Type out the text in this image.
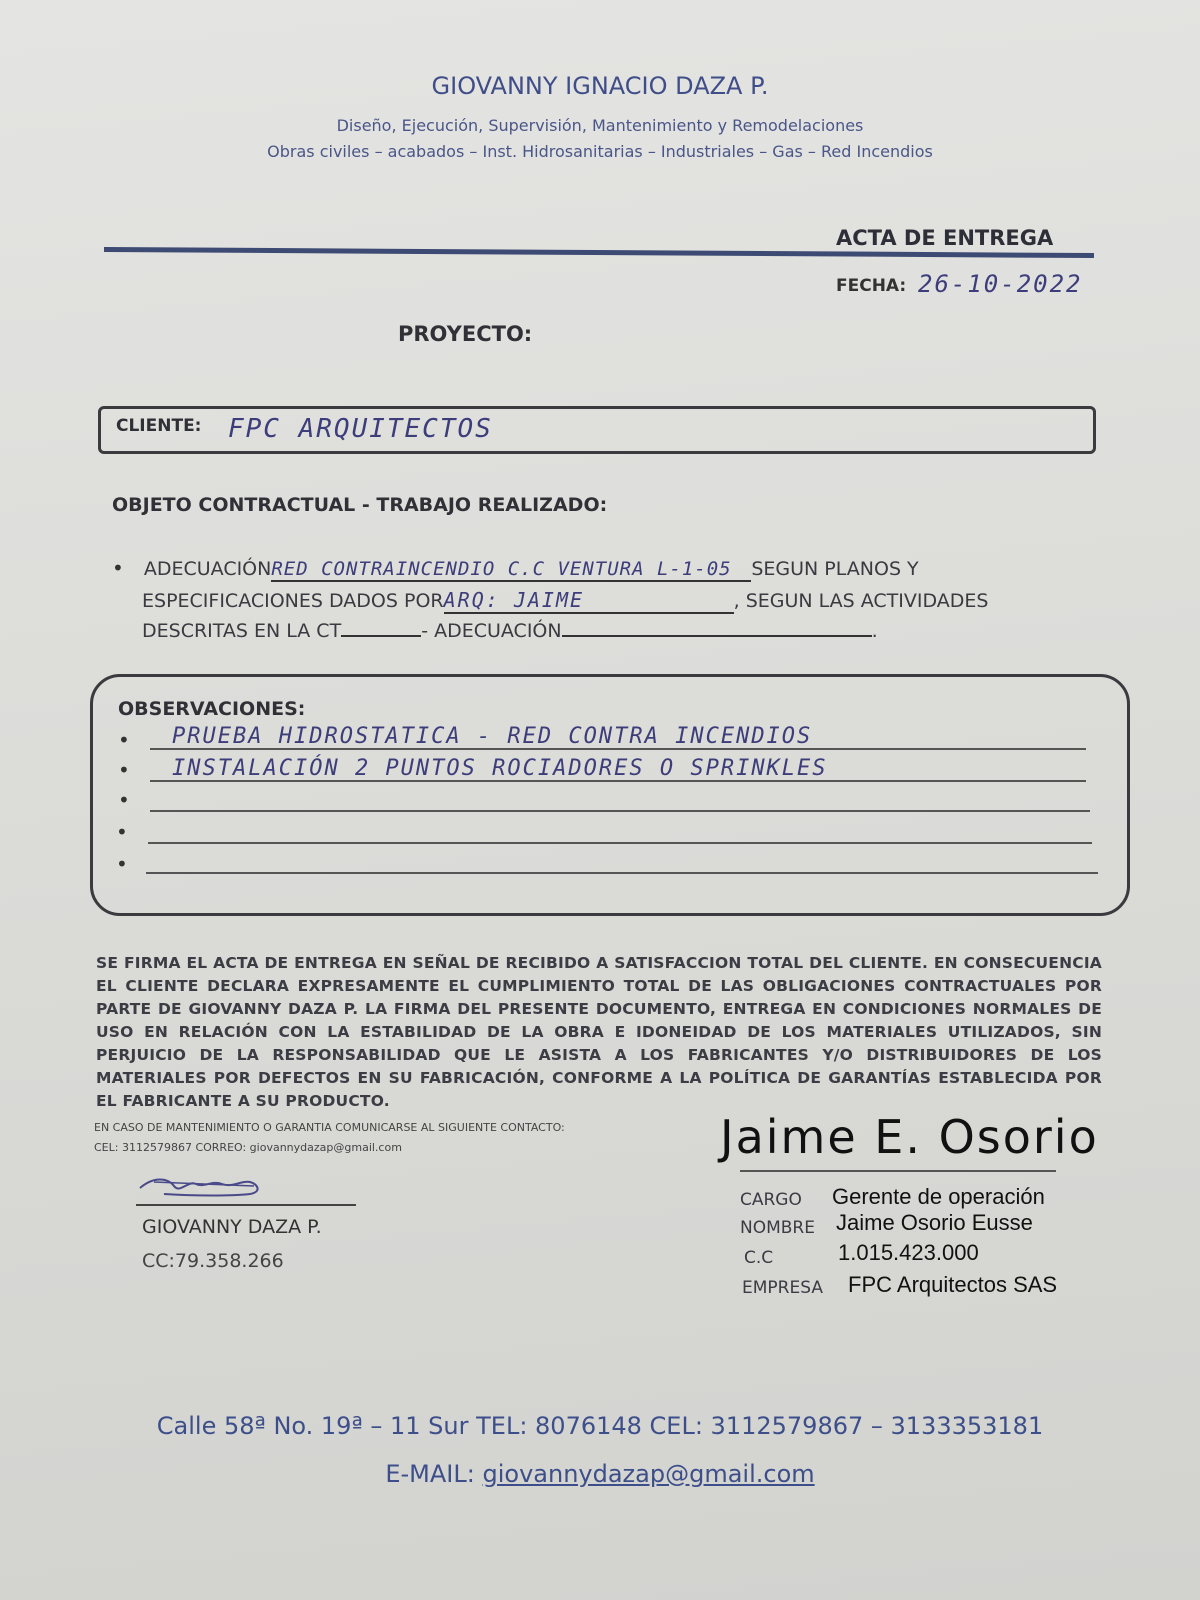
GIOVANNY IGNACIO DAZA P.
Diseño, Ejecución, Supervisión, Mantenimiento y Remodelaciones
Obras civiles – acabados – Inst. Hidrosanitarias – Industriales – Gas – Red Incendios
ACTA DE ENTREGA
FECHA: 26-10-2022
PROYECTO:
CLIENTE: FPC ARQUITECTOS
OBJETO CONTRACTUAL - TRABAJO REALIZADO:
• ADECUACIÓNRED CONTRAINCENDIO C.C VENTURA L-1-05 SEGUN PLANOS Y
ESPECIFICACIONES DADOS PORARQ: JAIME	, SEGUN LAS ACTIVIDADES
DESCRITAS EN LA CT	- ADECUACIÓN	.
OBSERVACIONES:
• PRUEBA HIDROSTATICA - RED CONTRA INCENDIOS
• INSTALACIÓN 2 PUNTOS ROCIADORES O SPRINKLES
•
•
•
SE FIRMA EL ACTA DE ENTREGA EN SEÑAL DE RECIBIDO A SATISFACCION TOTAL DEL CLIENTE. EN CONSECUENCIA EL CLIENTE DECLARA EXPRESAMENTE EL CUMPLIMIENTO TOTAL DE LAS OBLIGACIONES CONTRACTUALES POR PARTE DE GIOVANNY DAZA P. LA FIRMA DEL PRESENTE DOCUMENTO, ENTREGA EN CONDICIONES NORMALES DE USO EN RELACIÓN CON LA ESTABILIDAD DE LA OBRA E IDONEIDAD DE LOS MATERIALES UTILIZADOS, SIN PERJUICIO DE LA RESPONSABILIDAD QUE LE ASISTA A LOS FABRICANTES Y/O DISTRIBUIDORES DE LOS MATERIALES POR DEFECTOS EN SU FABRICACIÓN, CONFORME A LA POLÍTICA DE GARANTÍAS ESTABLECIDA POR EL FABRICANTE A SU PRODUCTO.
EN CASO DE MANTENIMIENTO O GARANTIA COMUNICARSE AL SIGUIENTE CONTACTO:
CEL: 3112579867 CORREO: giovannydazap@gmail.com
GIOVANNY DAZA P.
CC:79.358.266
Jaime E. Osorio
CARGO Gerente de operación
NOMBRE Jaime Osorio Eusse
C.C	1.015.423.000
EMPRESA FPC Arquitectos SAS
Calle 58ª No. 19ª – 11 Sur TEL: 8076148 CEL: 3112579867 – 3133353181
E-MAIL: giovannydazap@gmail.com
